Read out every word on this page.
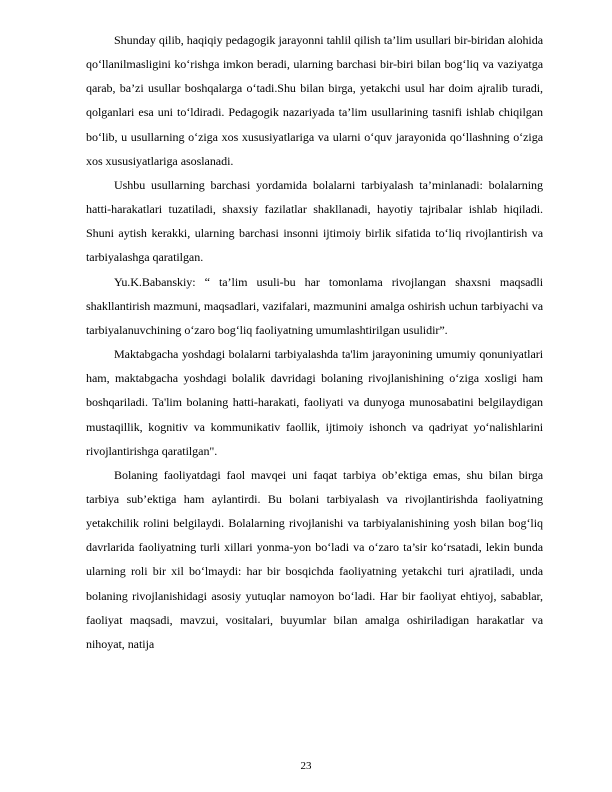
Shunday qilib, haqiqiy pedagogik jarayonni tahlil qilish ta’lim usullari bir-biridan alohida qo‘llanilmasligini ko‘rishga imkon beradi, ularning barchasi bir-biri bilan bog‘liq va vaziyatga qarab, ba’zi usullar boshqalarga o‘tadi.Shu bilan birga, yetakchi usul har doim ajralib turadi, qolganlari esa uni to‘ldiradi. Pedagogik nazariyada ta’lim usullarining tasnifi ishlab chiqilgan bo‘lib, u usullarning o‘ziga xos xususiyatlariga va ularni o‘quv jarayonida qo‘llashning o‘ziga xos xususiyatlariga asoslanadi.

Ushbu usullarning barchasi yordamida bolalarni tarbiyalash ta’minlanadi: bolalarning hatti-harakatlari tuzatiladi, shaxsiy fazilatlar shakllanadi, hayotiy tajribalar ishlab hiqiladi. Shuni aytish kerakki, ularning barchasi insonni ijtimoiy birlik sifatida to‘liq rivojlantirish va tarbiyalashga qaratilgan.

Yu.K.Babanskiy: “ ta’lim usuli-bu har tomonlama rivojlangan shaxsni maqsadli shakllantirish mazmuni, maqsadlari, vazifalari, mazmunini amalga oshirish uchun tarbiyachi va tarbiyalanuvchining o‘zaro bog‘liq faoliyatning umumlashtirilgan usulidir”.

Maktabgacha yoshdagi bolalarni tarbiyalashda ta'lim jarayonining umumiy qonuniyatlari ham, maktabgacha yoshdagi bolalik davridagi bolaning rivojlanishining o‘ziga xosligi ham boshqariladi. Ta'lim bolaning hatti-harakati, faoliyati va dunyoga munosabatini belgilaydigan mustaqillik, kognitiv va kommunikativ faollik, ijtimoiy ishonch va qadriyat yo‘nalishlarini rivojlantirishga qaratilgan".

Bolaning faoliyatdagi faol mavqei uni faqat tarbiya ob’ektiga emas, shu bilan birga tarbiya sub’ektiga ham aylantirdi. Bu bolani tarbiyalash va rivojlantirishda faoliyatning yetakchilik rolini belgilaydi. Bolalarning rivojlanishi va tarbiyalanishining yosh bilan bog‘liq davrlarida faoliyatning turli xillari yonma-yon bo‘ladi va o‘zaro ta’sir ko‘rsatadi, lekin bunda ularning roli bir xil bo‘lmaydi: har bir bosqichda faoliyatning yetakchi turi ajratiladi, unda bolaning rivojlanishidagi asosiy yutuqlar namoyon bo‘ladi. Har bir faoliyat ehtiyoj, sabablar, faoliyat maqsadi, mavzui, vositalari, buyumlar bilan amalga oshiriladigan harakatlar va nihoyat, natija

23
